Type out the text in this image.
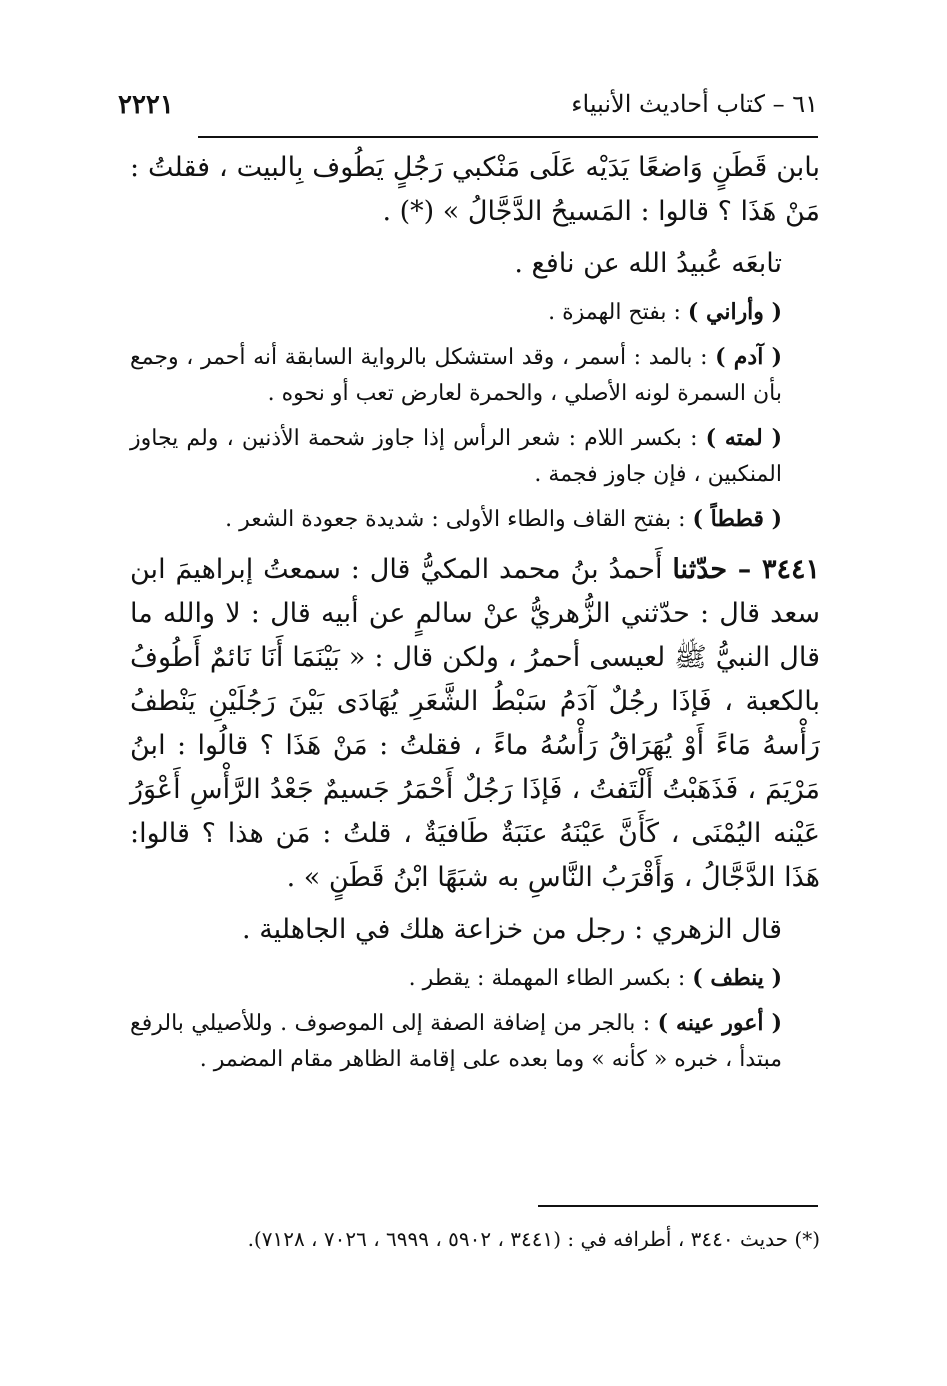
٦١ – كتاب أحاديث الأنبياء
٢٢٢١

بابن قَطَنٍ وَاضعًا يَدَيْه عَلَى مَنْكبي رَجُلٍ يَطُوف بِالبيت ، فقلتُ : مَنْ هَذَا ؟ قالوا : المَسيحُ الدَّجَّالُ » (*) .

تابعَه عُبيدُ الله عن نافع .

( وأراني ) : بفتح الهمزة .

( آدم ) : بالمد : أسمر ، وقد استشكل بالرواية السابقة أنه أحمر ، وجمع بأن السمرة لونه الأصلي ، والحمرة لعارض تعب أو نحوه .

( لمته ) : بكسر اللام : شعر الرأس إذا جاوز شحمة الأذنين ، ولم يجاوز المنكبين ، فإن جاوز فجمة .

( قططاً ) : بفتح القاف والطاء الأولى : شديدة جعودة الشعر .

٣٤٤١ – حدّثنا أَحمدُ بنُ محمد المكيُّ قال : سمعتُ إبراهيمَ ابن سعد قال : حدّثني الزُّهريُّ عنْ سالمٍ عن أبيه قال : لا والله ما قال النبيُّ ﷺ لعيسى أحمرُ ، ولكن قال : « بَيْنَمَا أَنَا نَائمٌ أَطُوفُ بالكعبة ، فَإذَا رجُلٌ آدَمُ سَبْطُ الشَّعَرِ يُهَادَى بَيْنَ رَجُلَيْنِ يَنْطفُ رَأْسهُ مَاءً أَوْ يُهَرَاقُ رَأْسُهُ ماءً ، فقلتُ : مَنْ هَذَا ؟ قالُوا : ابنُ مَرْيَمَ ، فَذَهَبْتُ أَلْتَفتُ ، فَإذَا رَجُلٌ أَحْمَرُ جَسيمٌ جَعْدُ الرَّأْسِ أَعْوَرُ عَيْنه اليُمْنَى ، كَأَنَّ عَيْنَهُ عنَبَةٌ طَافيَةٌ ، قلتُ : مَن هذا ؟ قالوا: هَذَا الدَّجَّالُ ، وَأَقْرَبُ النَّاسِ به شبَهًا ابْنُ قَطَنٍ » .

قال الزهري : رجل من خزاعة هلك في الجاهلية .

( ينطف ) : بكسر الطاء المهملة : يقطر .

( أعور عينه ) : بالجر من إضافة الصفة إلى الموصوف . وللأصيلي بالرفع مبتدأ ، خبره « كأنه » وما بعده على إقامة الظاهر مقام المضمر .

(*) حديث ٣٤٤٠ ، أطرافه في : (٣٤٤١ ، ٥٩٠٢ ، ٦٩٩٩ ، ٧٠٢٦ ، ٧١٢٨).
